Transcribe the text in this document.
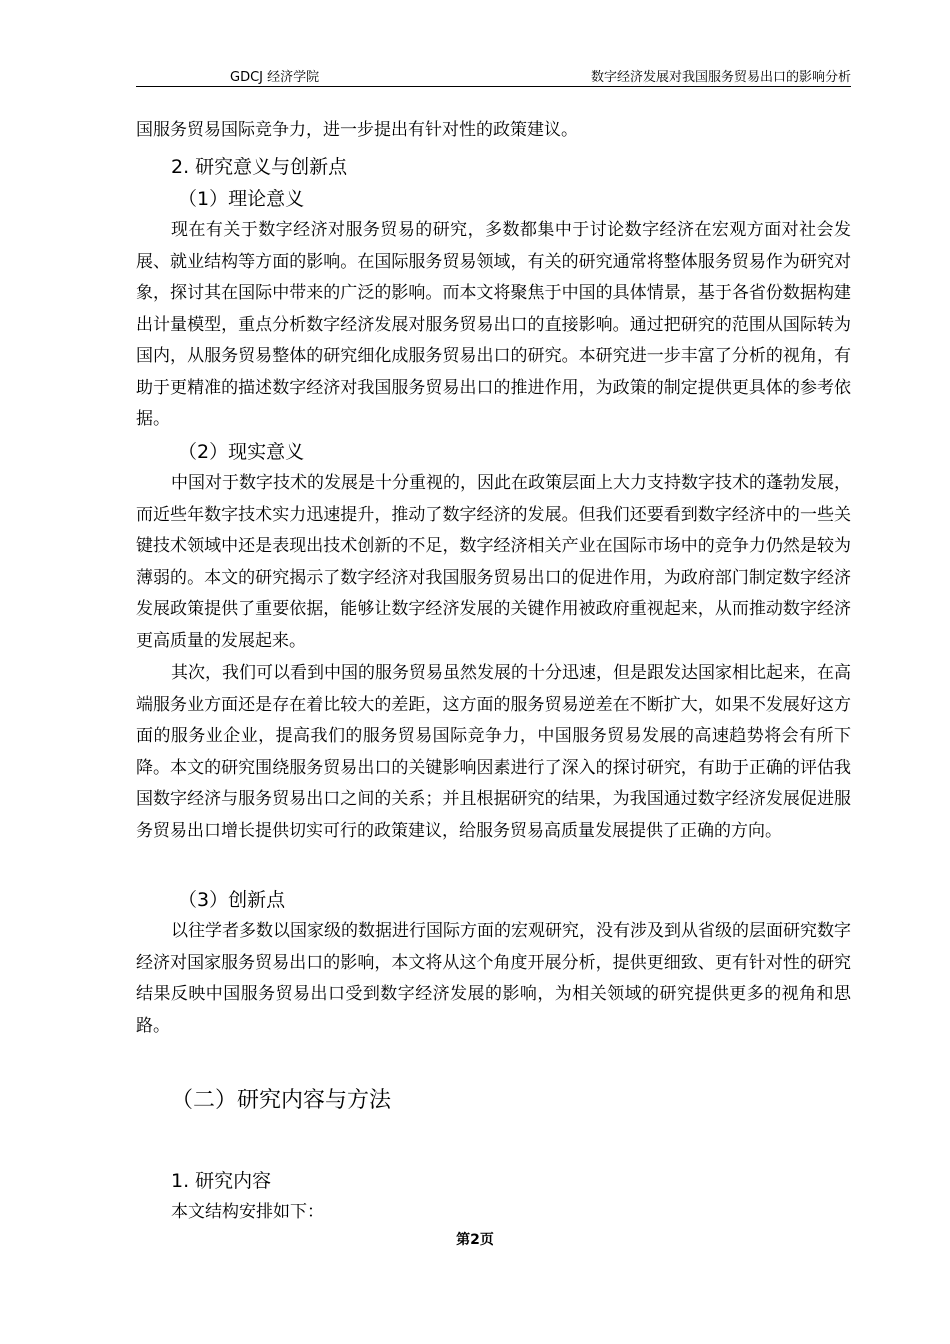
GDCJ 经济学院	数字经济发展对我国服务贸易出口的影响分析

国服务贸易国际竞争力，进一步提出有针对性的政策建议。

2. 研究意义与创新点
（1）理论意义

现在有关于数字经济对服务贸易的研究，多数都集中于讨论数字经济在宏观方面对社会发展、就业结构等方面的影响。在国际服务贸易领域，有关的研究通常将整体服务贸易作为研究对象，探讨其在国际中带来的广泛的影响。而本文将聚焦于中国的具体情景，基于各省份数据构建出计量模型，重点分析数字经济发展对服务贸易出口的直接影响。通过把研究的范围从国际转为国内，从服务贸易整体的研究细化成服务贸易出口的研究。本研究进一步丰富了分析的视角，有助于更精准的描述数字经济对我国服务贸易出口的推进作用，为政策的制定提供更具体的参考依据。

（2）现实意义

中国对于数字技术的发展是十分重视的，因此在政策层面上大力支持数字技术的蓬勃发展，而近些年数字技术实力迅速提升，推动了数字经济的发展。但我们还要看到数字经济中的一些关键技术领域中还是表现出技术创新的不足，数字经济相关产业在国际市场中的竞争力仍然是较为薄弱的。本文的研究揭示了数字经济对我国服务贸易出口的促进作用，为政府部门制定数字经济发展政策提供了重要依据，能够让数字经济发展的关键作用被政府重视起来，从而推动数字经济更高质量的发展起来。

其次，我们可以看到中国的服务贸易虽然发展的十分迅速，但是跟发达国家相比起来，在高端服务业方面还是存在着比较大的差距，这方面的服务贸易逆差在不断扩大，如果不发展好这方面的服务业企业，提高我们的服务贸易国际竞争力，中国服务贸易发展的高速趋势将会有所下降。本文的研究围绕服务贸易出口的关键影响因素进行了深入的探讨研究，有助于正确的评估我国数字经济与服务贸易出口之间的关系；并且根据研究的结果，为我国通过数字经济发展促进服务贸易出口增长提供切实可行的政策建议，给服务贸易高质量发展提供了正确的方向。

（3）创新点

以往学者多数以国家级的数据进行国际方面的宏观研究，没有涉及到从省级的层面研究数字经济对国家服务贸易出口的影响，本文将从这个角度开展分析，提供更细致、更有针对性的研究结果反映中国服务贸易出口受到数字经济发展的影响，为相关领域的研究提供更多的视角和思路。

（二）研究内容与方法
1. 研究内容

本文结构安排如下：

第2页
